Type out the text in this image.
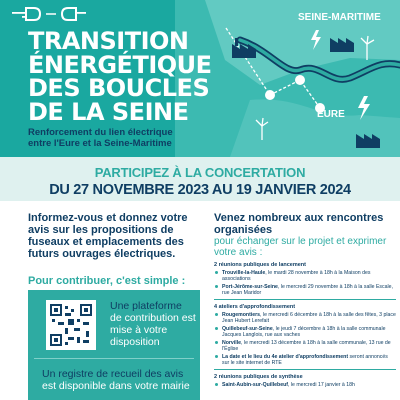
TRANSITION
ÉNERGÉTIQUE
DES BOUCLES
DE LA SEINE
Renforcement du lien électrique
entre l'Eure et la Seine-Maritime
SEINE-MARITIME
EURE
PARTICIPEZ À LA CONCERTATION
DU 27 NOVEMBRE 2023 AU 19 JANVIER 2024
Informez-vous et donnez votre avis sur les propositions de fuseaux et emplacements des futurs ouvrages électriques.
Pour contribuer, c'est simple :
Une plateforme de contribution est mise à votre disposition
Un registre de recueil des avis est disponible dans votre mairie
Venez nombreux aux rencontres organisées
pour échanger sur le projet et exprimer votre avis :
2 réunions publiques de lancement
Trouville-la-Haule, le mardi 28 novembre à 18h à la Maison des associations
Port-Jérôme-sur-Seine, le mercredi 29 novembre à 18h à la salle Escale, rue Jean Maridor
4 ateliers d'approfondissement
Rougemontiers, le mercredi 6 décembre à 18h à la salle des fêtes, 3 place Jean Hubert Lerefait
Quillebeuf-sur-Seine, le jeudi 7 décembre à 18h à la salle communale Jacques Langlois, rue aux vaches
Norville, le mercredi 13 décembre à 18h à la salle communale, 13 rue de l'Église
La date et le lieu du 4e atelier d'approfondissement seront annoncés sur le site internet de RTE
2 réunions publiques de synthèse
Saint-Aubin-sur-Quillebeuf, le mercredi 17 janvier à 18h
